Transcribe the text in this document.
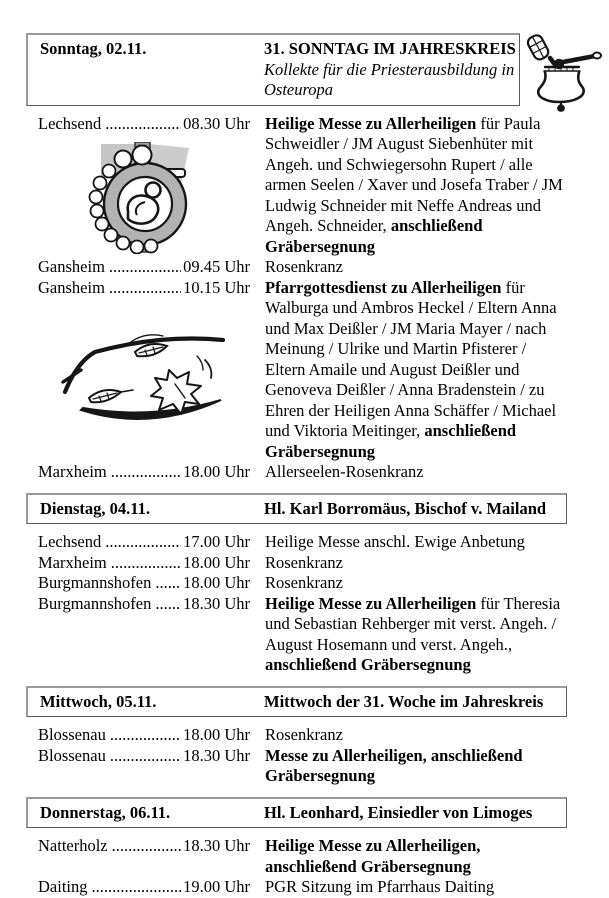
Sonntag, 02.11.	31. SONNTAG IM JAHRESKREIS
Kollekte für die Priesterausbildung in Osteuropa
Lechsend .....	08.30 Uhr Heilige Messe zu Allerheiligen für Paula Schweidler / JM August Siebenhüter mit Angeh. und Schwiegersohn Rupert / alle armen Seelen / Xaver und Josefa Traber / JM Ludwig Schneider mit Neffe Andreas und Angeh. Schneider, anschließend Gräbersegnung
Gansheim .....	09.45 Uhr Rosenkranz
Gansheim .....	10.15 Uhr Pfarrgottesdienst zu Allerheiligen für Walburga und Ambros Heckel / Eltern Anna und Max Deißler / JM Maria Mayer / nach Meinung / Ulrike und Martin Pfisterer / Eltern Amaile und August Deißler und Genoveva Deißler / Anna Bradenstein / zu Ehren der Heiligen Anna Schäffer / Michael und Viktoria Meitinger, anschließend Gräbersegnung
Marxheim .....	18.00 Uhr Allerseelen-Rosenkranz
Dienstag, 04.11.	Hl. Karl Borromäus, Bischof v. Mailand
Lechsend .....	17.00 Uhr Heilige Messe anschl. Ewige Anbetung
Marxheim .....	18.00 Uhr Rosenkranz
Burgmannshofen ..... 18.00 Uhr Rosenkranz
Burgmannshofen ..... 18.30 Uhr Heilige Messe zu Allerheiligen für Theresia und Sebastian Rehberger mit verst. Angeh. / August Hosemann und verst. Angeh., anschließend Gräbersegnung
Mittwoch, 05.11.	Mittwoch der 31. Woche im Jahreskreis
Blossenau .....	18.00 Uhr Rosenkranz
Blossenau .....	18.30 Uhr Messe zu Allerheiligen, anschließend Gräbersegnung
Donnerstag, 06.11.	Hl. Leonhard, Einsiedler von Limoges
Natterholz .....	18.30 Uhr Heilige Messe zu Allerheiligen, anschließend Gräbersegnung
Daiting .....	19.00 Uhr PGR Sitzung im Pfarrhaus Daiting
